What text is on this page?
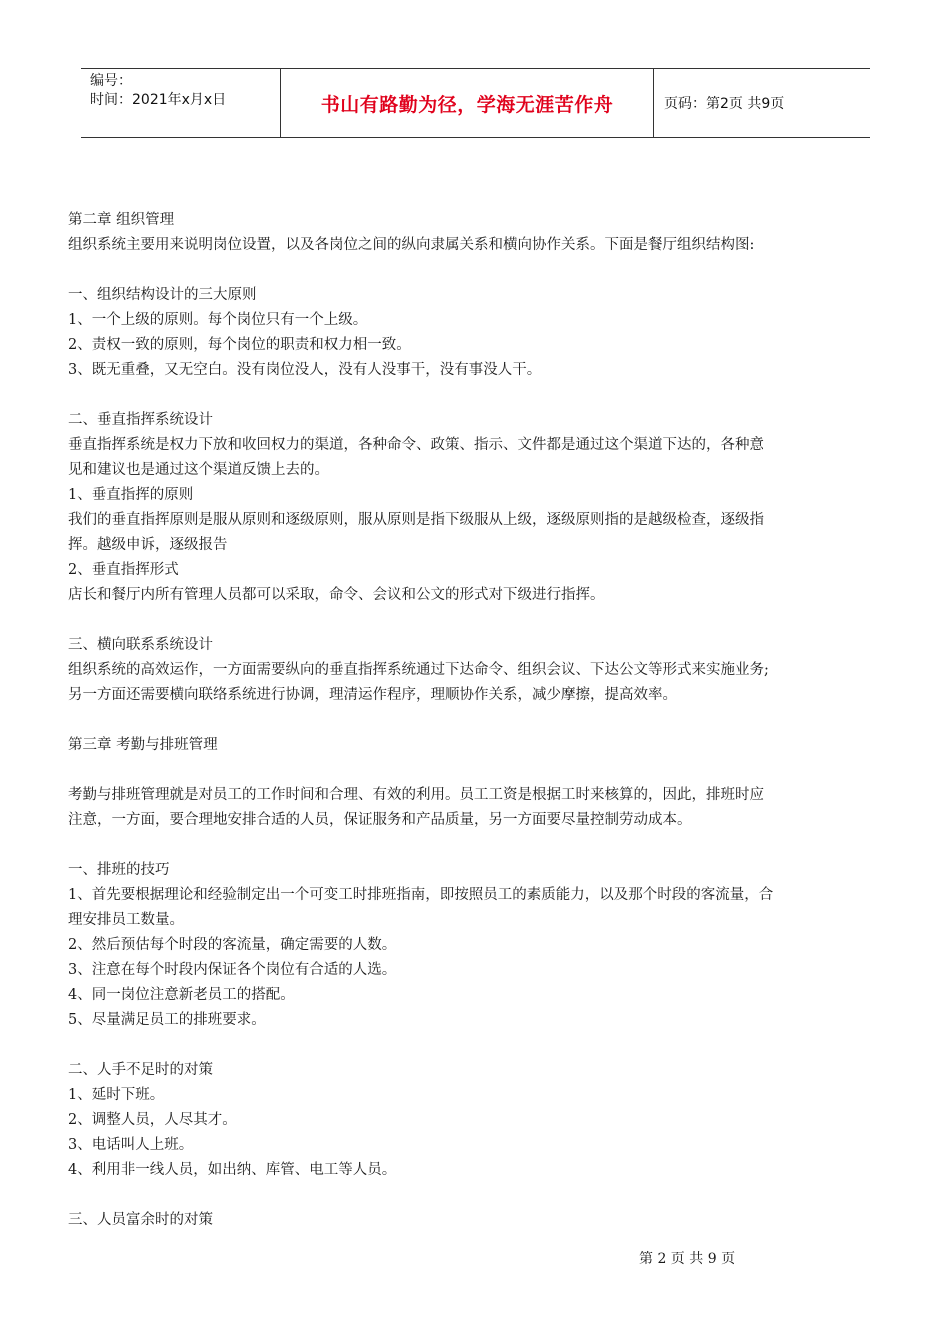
编号：
时间：2021年x月x日	书山有路勤为径，学海无涯苦作舟	页码：第2页 共9页
第二章 组织管理
组织系统主要用来说明岗位设置，以及各岗位之间的纵向隶属关系和横向协作关系。下面是餐厅组织结构图:
一、组织结构设计的三大原则
1、一个上级的原则。每个岗位只有一个上级。
2、责权一致的原则，每个岗位的职责和权力相一致。
3、既无重叠，又无空白。没有岗位没人，没有人没事干，没有事没人干。
二、垂直指挥系统设计
垂直指挥系统是权力下放和收回权力的渠道，各种命令、政策、指示、文件都是通过这个渠道下达的，各种意
见和建议也是通过这个渠道反馈上去的。
1、垂直指挥的原则
我们的垂直指挥原则是服从原则和逐级原则，服从原则是指下级服从上级，逐级原则指的是越级检查，逐级指
挥。越级申诉，逐级报告
2、垂直指挥形式
店长和餐厅内所有管理人员都可以采取，命令、会议和公文的形式对下级进行指挥。
三、横向联系系统设计
组织系统的高效运作，一方面需要纵向的垂直指挥系统通过下达命令、组织会议、下达公文等形式来实施业务;
另一方面还需要横向联络系统进行协调，理清运作程序，理顺协作关系，减少摩擦，提高效率。
第三章 考勤与排班管理
考勤与排班管理就是对员工的工作时间和合理、有效的利用。员工工资是根据工时来核算的，因此，排班时应
注意，一方面，要合理地安排合适的人员，保证服务和产品质量，另一方面要尽量控制劳动成本。
一、排班的技巧
1、首先要根据理论和经验制定出一个可变工时排班指南，即按照员工的素质能力，以及那个时段的客流量，合
理安排员工数量。
2、然后预估每个时段的客流量，确定需要的人数。
3、注意在每个时段内保证各个岗位有合适的人选。
4、同一岗位注意新老员工的搭配。
5、尽量满足员工的排班要求。
二、人手不足时的对策
1、延时下班。
2、调整人员，人尽其才。
3、电话叫人上班。
4、利用非一线人员，如出纳、库管、电工等人员。
三、人员富余时的对策
第 2 页 共 9 页
